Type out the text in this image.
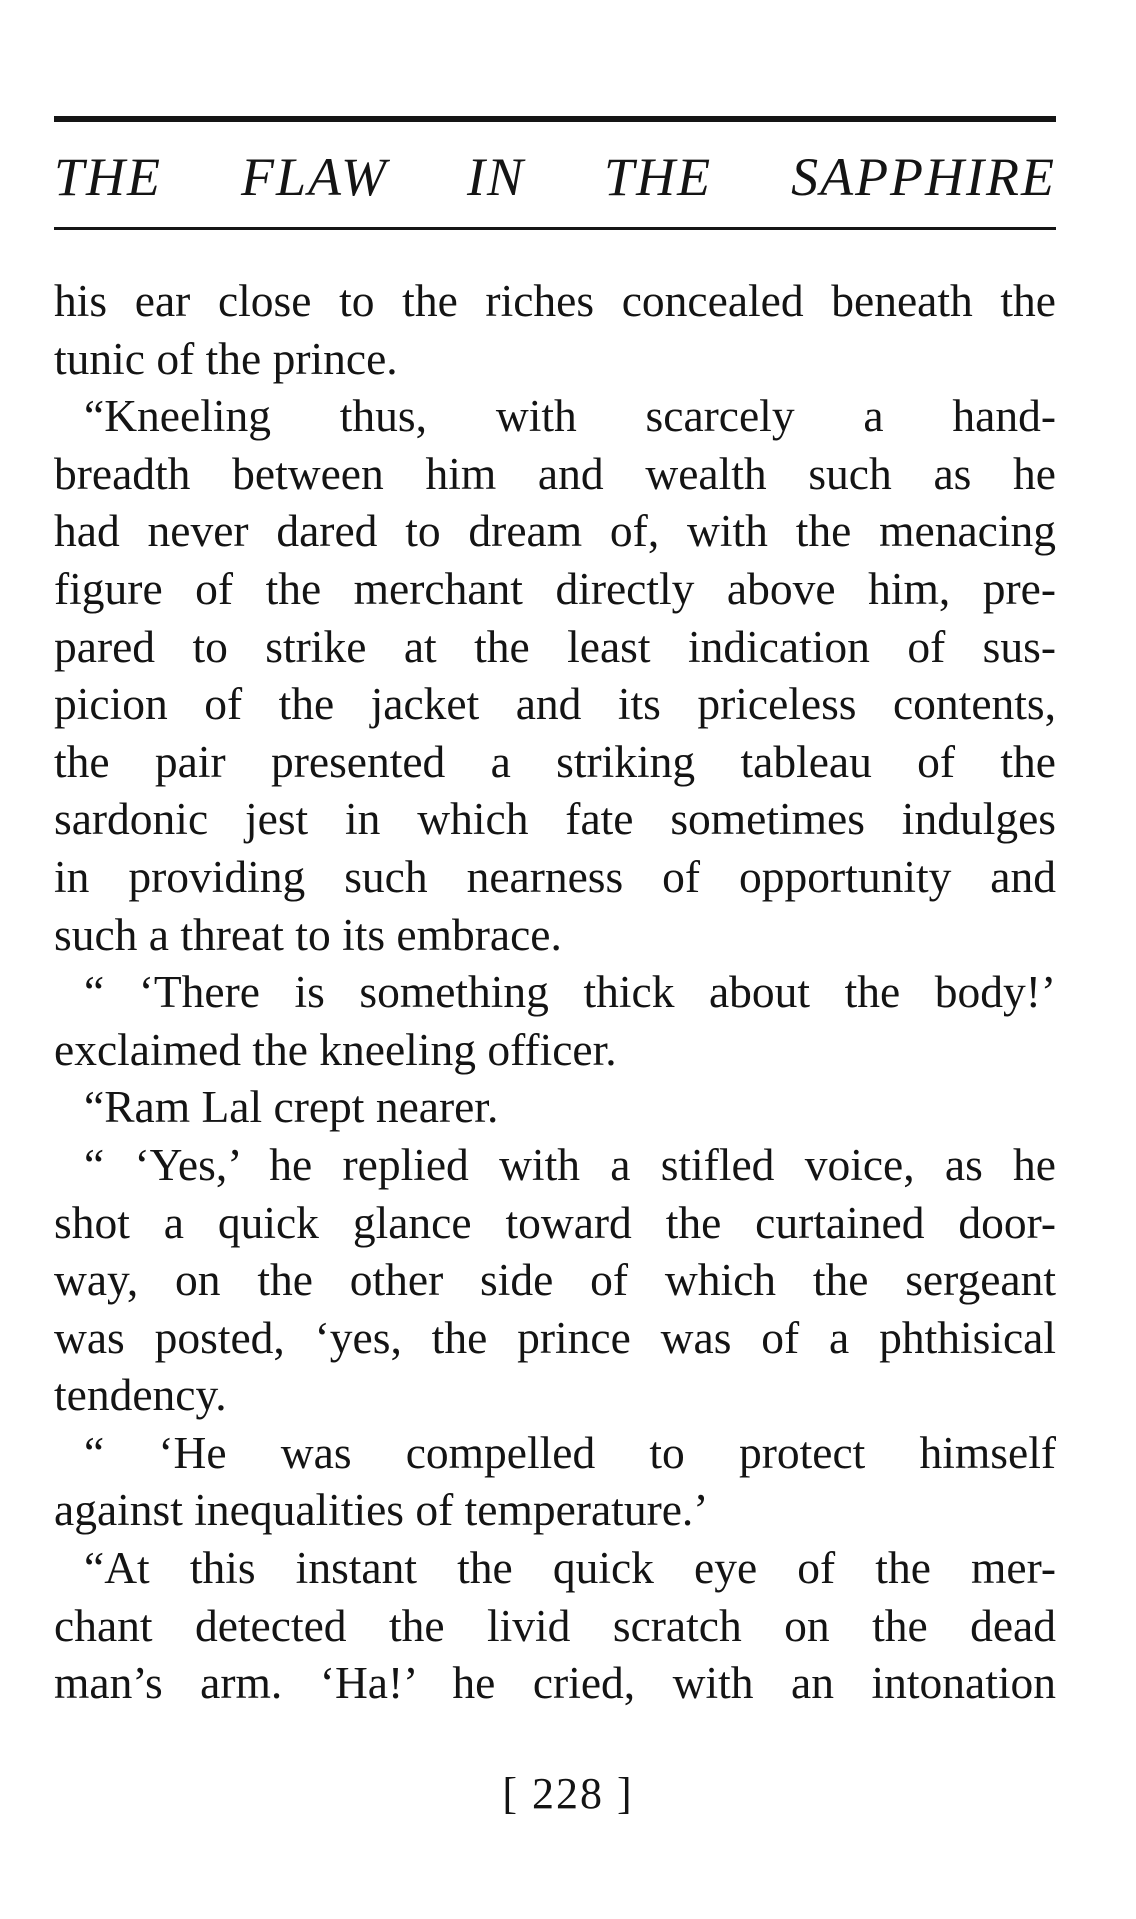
THE FLAW IN THE SAPPHIRE
his ear close to the riches concealed beneath the
tunic of the prince.
“Kneeling thus, with scarcely a hand-
breadth between him and wealth such as he
had never dared to dream of, with the menacing
figure of the merchant directly above him, pre-
pared to strike at the least indication of sus-
picion of the jacket and its priceless contents,
the pair presented a striking tableau of the
sardonic jest in which fate sometimes indulges
in providing such nearness of opportunity and
such a threat to its embrace.
“ ‘There is something thick about the body!’
exclaimed the kneeling officer.
“Ram Lal crept nearer.
“ ‘Yes,’ he replied with a stifled voice, as he
shot a quick glance toward the curtained door-
way, on the other side of which the sergeant
was posted, ‘yes, the prince was of a phthisical
tendency.
“ ‘He was compelled to protect himself
against inequalities of temperature.’
“At this instant the quick eye of the mer-
chant detected the livid scratch on the dead
man’s arm. ‘Ha!’ he cried, with an intonation
[ 228 ]
